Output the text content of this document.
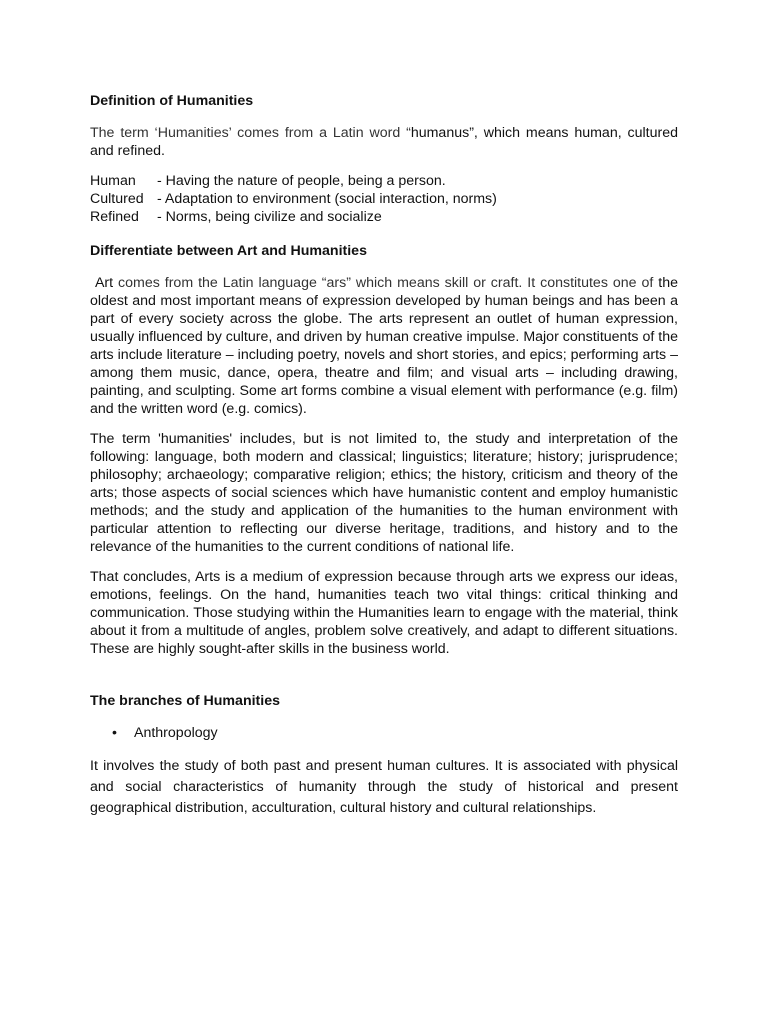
Definition of Humanities

The term ‘Humanities’ comes from a Latin word “humanus”, which means human, cultured and refined.

Human	- Having the nature of people, being a person.
Cultured	- Adaptation to environment (social interaction, norms)
Refined	- Norms, being civilize and socialize
Differentiate between Art and Humanities

Art comes from the Latin language “ars” which means skill or craft. It constitutes one of the oldest and most important means of expression developed by human beings and has been a part of every society across the globe. The arts represent an outlet of human expression, usually influenced by culture, and driven by human creative impulse. Major constituents of the arts include literature – including poetry, novels and short stories, and epics; performing arts – among them music, dance, opera, theatre and film; and visual arts – including drawing, painting, and sculpting. Some art forms combine a visual element with performance (e.g. film) and the written word (e.g. comics).

The term 'humanities' includes, but is not limited to, the study and interpretation of the following: language, both modern and classical; linguistics; literature; history; jurisprudence; philosophy; archaeology; comparative religion; ethics; the history, criticism and theory of the arts; those aspects of social sciences which have humanistic content and employ humanistic methods; and the study and application of the humanities to the human environment with particular attention to reflecting our diverse heritage, traditions, and history and to the relevance of the humanities to the current conditions of national life.

That concludes, Arts is a medium of expression because through arts we express our ideas, emotions, feelings. On the hand, humanities teach two vital things: critical thinking and communication. Those studying within the Humanities learn to engage with the material, think about it from a multitude of angles, problem solve creatively, and adapt to different situations. These are highly sought-after skills in the business world.

The branches of Humanities
• Anthropology

It involves the study of both past and present human cultures. It is associated with physical and social characteristics of humanity through the study of historical and present geographical distribution, acculturation, cultural history and cultural relationships.
